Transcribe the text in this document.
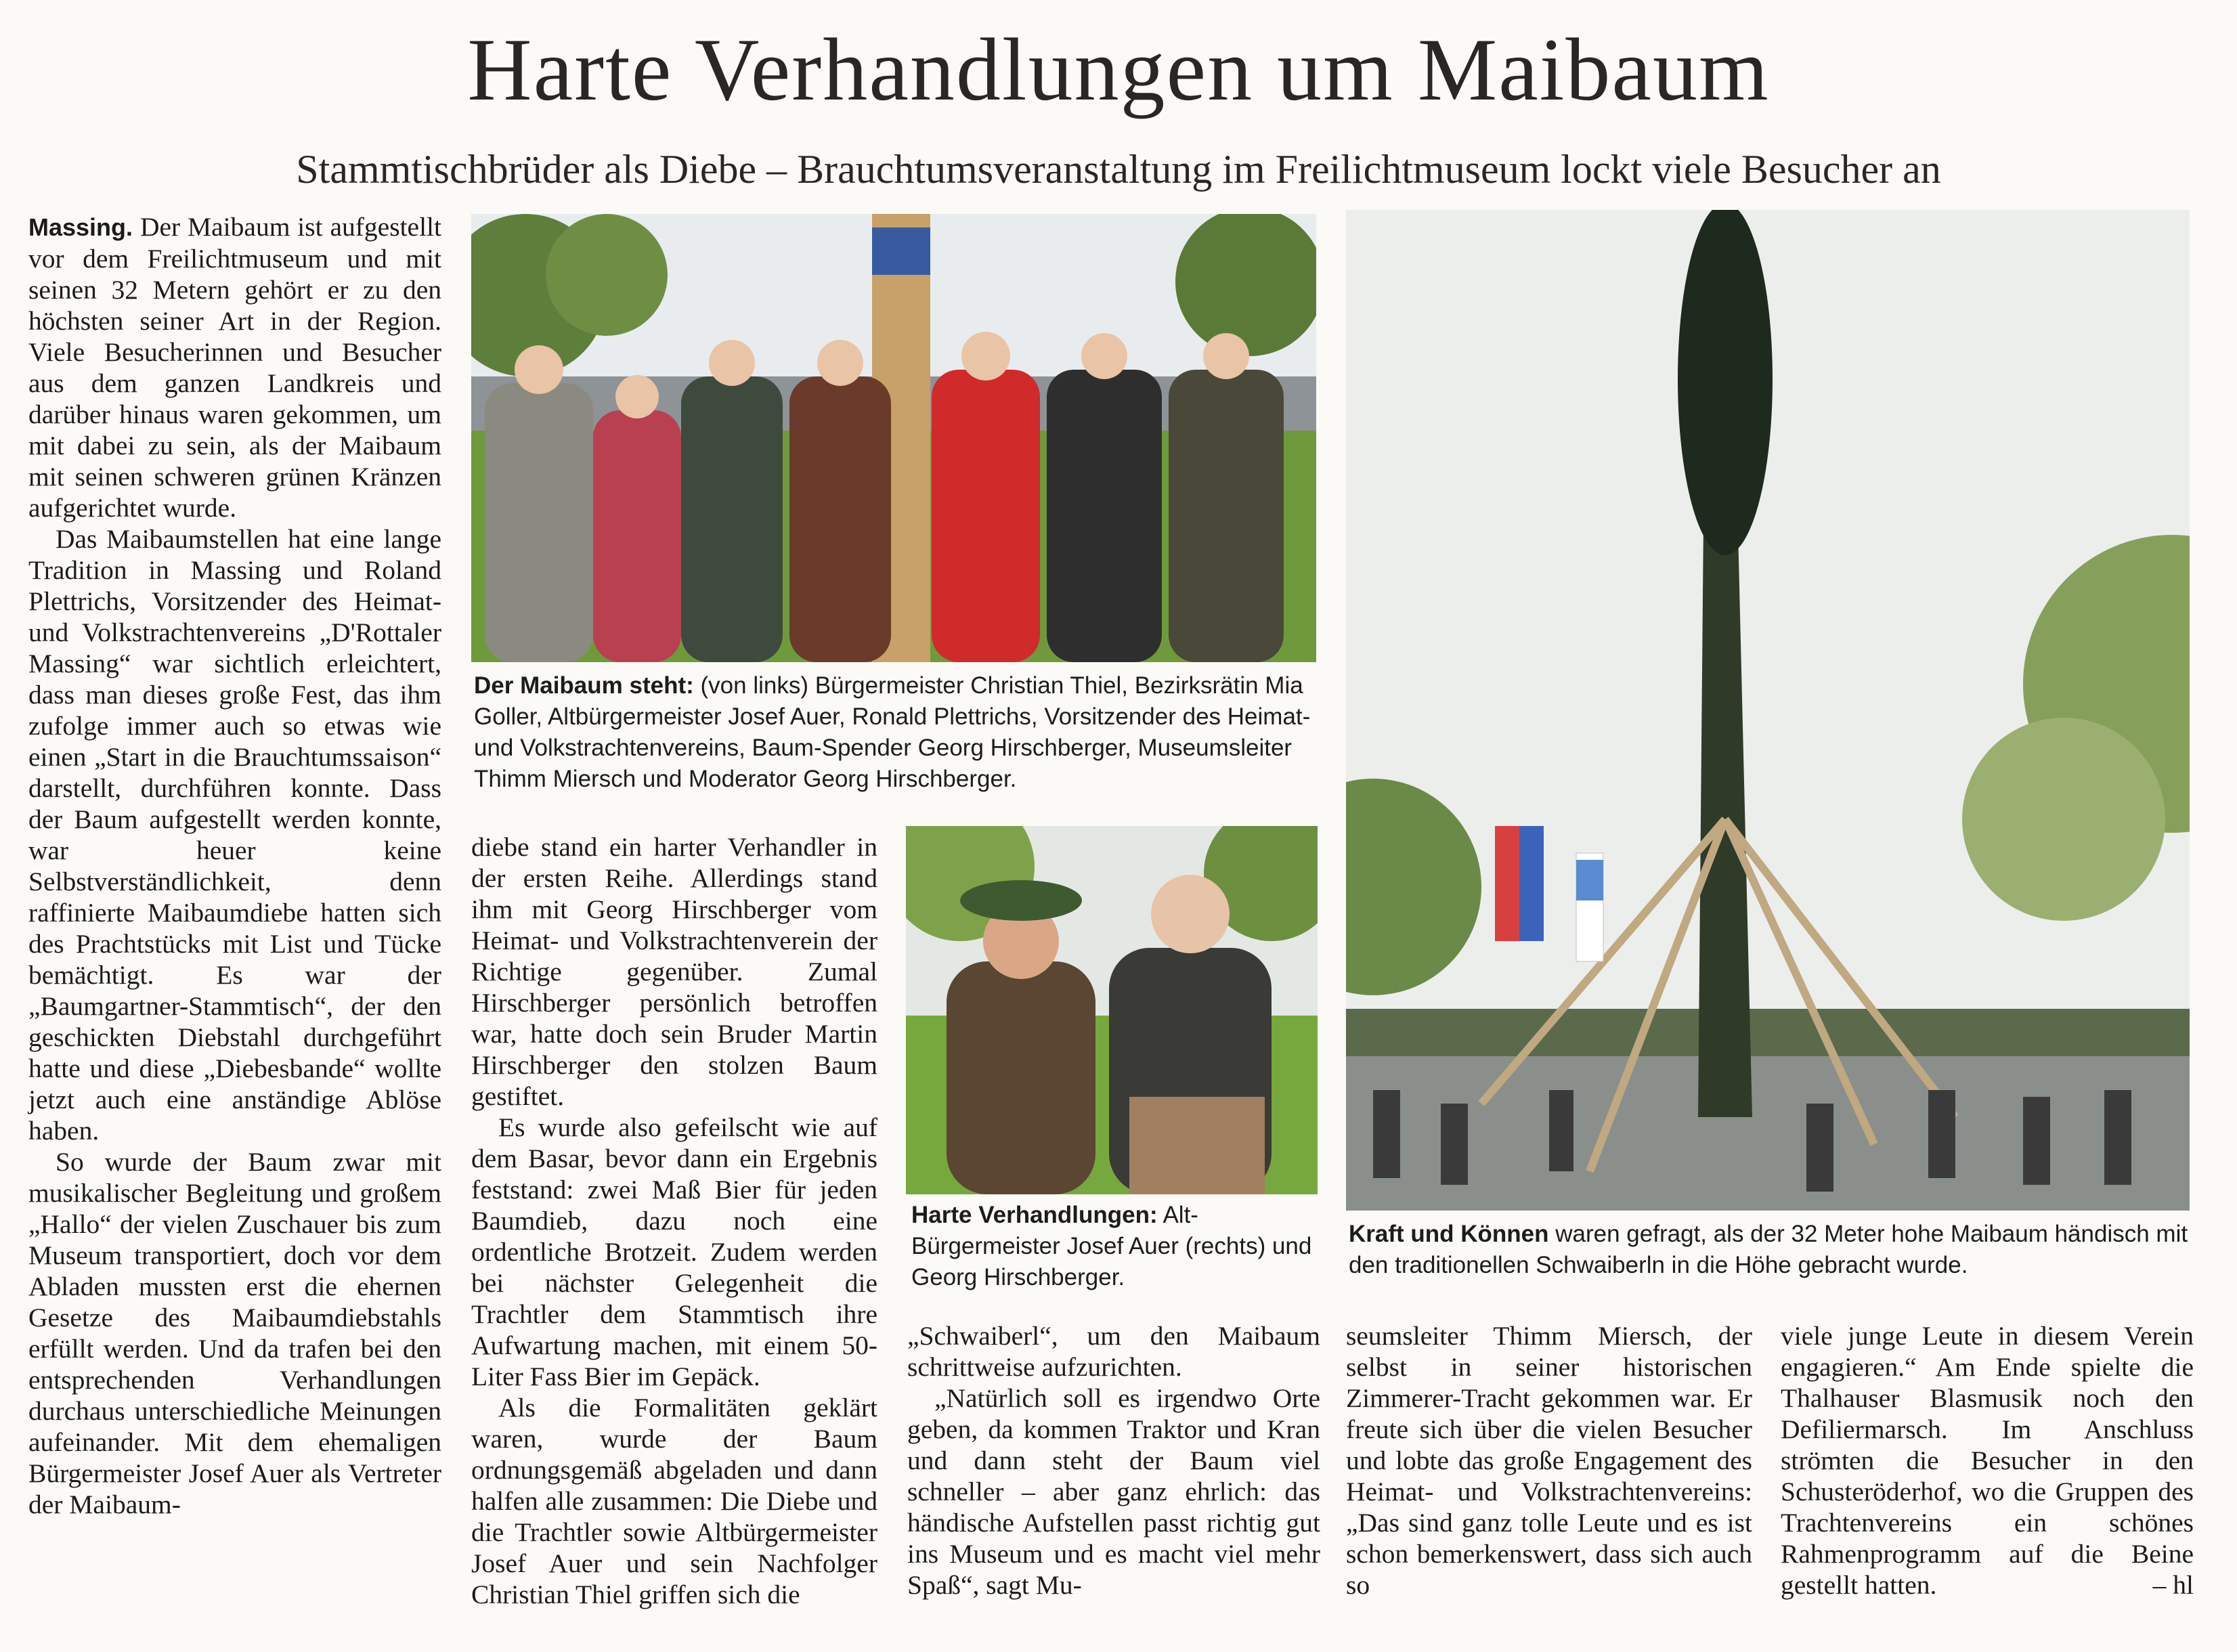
Harte Verhandlungen um Maibaum
Stammtischbrüder als Diebe – Brauchtumsveranstaltung im Freilichtmuseum lockt viele Besucher an

Massing. Der Maibaum ist aufgestellt vor dem Freilichtmuseum und mit seinen 32 Metern gehört er zu den höchsten seiner Art in der Region. Viele Besucherinnen und Besucher aus dem ganzen Landkreis und darüber hinaus waren gekommen, um mit dabei zu sein, als der Maibaum mit seinen schweren grünen Kränzen aufgerichtet wurde.

Das Maibaumstellen hat eine lange Tradition in Massing und Roland Plettrichs, Vorsitzender des Heimat- und Volkstrachtenvereins „D'Rottaler Massing“ war sichtlich erleichtert, dass man dieses große Fest, das ihm zufolge immer auch so etwas wie einen „Start in die Brauchtumssaison“ darstellt, durchführen konnte. Dass der Baum aufgestellt werden konnte, war heuer keine Selbstverständlichkeit, denn raffinierte Maibaumdiebe hatten sich des Prachtstücks mit List und Tücke bemächtigt. Es war der „Baumgartner-Stammtisch“, der den geschickten Diebstahl durchgeführt hatte und diese „Diebesbande“ wollte jetzt auch eine anständige Ablöse haben.

So wurde der Baum zwar mit musikalischer Begleitung und großem „Hallo“ der vielen Zuschauer bis zum Museum transportiert, doch vor dem Abladen mussten erst die ehernen Gesetze des Maibaumdiebstahls erfüllt werden. Und da trafen bei den entsprechenden Verhandlungen durchaus unterschiedliche Meinungen aufeinander. Mit dem ehemaligen Bürgermeister Josef Auer als Vertreter der Maibaum-

Der Maibaum steht: (von links) Bürgermeister Christian Thiel, Bezirksrätin Mia Goller, Altbürgermeister Josef Auer, Ronald Plettrichs, Vorsitzender des Heimat- und Volkstrachtenvereins, Baum-Spender Georg Hirschberger, Museumsleiter Thimm Miersch und Moderator Georg Hirschberger.

diebe stand ein harter Verhandler in der ersten Reihe. Allerdings stand ihm mit Georg Hirschberger vom Heimat- und Volkstrachtenverein der Richtige gegenüber. Zumal Hirschberger persönlich betroffen war, hatte doch sein Bruder Martin Hirschberger den stolzen Baum gestiftet.

Es wurde also gefeilscht wie auf dem Basar, bevor dann ein Ergebnis feststand: zwei Maß Bier für jeden Baumdieb, dazu noch eine ordentliche Brotzeit. Zudem werden bei nächster Gelegenheit die Trachtler dem Stammtisch ihre Aufwartung machen, mit einem 50-Liter Fass Bier im Gepäck.

Als die Formalitäten geklärt waren, wurde der Baum ordnungsgemäß abgeladen und dann halfen alle zusammen: Die Diebe und die Trachtler sowie Altbürgermeister Josef Auer und sein Nachfolger Christian Thiel griffen sich die

Harte Verhandlungen: Alt-Bürgermeister Josef Auer (rechts) und Georg Hirschberger.
Kraft und Können waren gefragt, als der 32 Meter hohe Maibaum händisch mit den traditionellen Schwaiberln in die Höhe gebracht wurde.

„Schwaiberl“, um den Maibaum schrittweise aufzurichten.

„Natürlich soll es irgendwo Orte geben, da kommen Traktor und Kran und dann steht der Baum viel schneller – aber ganz ehrlich: das händische Aufstellen passt richtig gut ins Museum und es macht viel mehr Spaß“, sagt Mu-

seumsleiter Thimm Miersch, der selbst in seiner historischen Zimmerer-Tracht gekommen war. Er freute sich über die vielen Besucher und lobte das große Engagement des Heimat- und Volkstrachtenvereins: „Das sind ganz tolle Leute und es ist schon bemerkenswert, dass sich auch so

viele junge Leute in diesem Verein engagieren.“ Am Ende spielte die Thalhauser Blasmusik noch den Defiliermarsch. Im Anschluss strömten die Besucher in den Schusteröderhof, wo die Gruppen des Trachtenvereins ein schönes Rahmenprogramm auf die Beine gestellt hatten.	– hl
